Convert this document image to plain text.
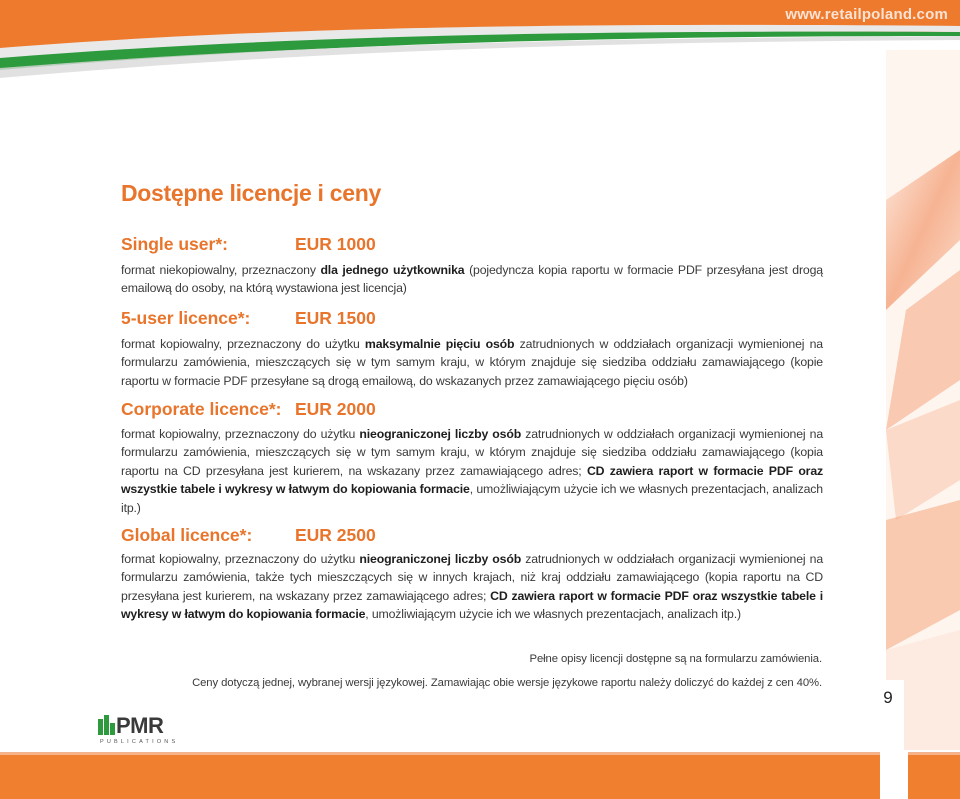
www.retailpoland.com
Dostępne licencje i ceny
Single user*:	EUR 1000
format niekopiowalny, przeznaczony dla jednego użytkownika (pojedyncza kopia raportu w formacie PDF przesyłana jest drogą emailową do osoby, na którą wystawiona jest licencja)
5-user licence*:	EUR 1500
format kopiowalny, przeznaczony do użytku maksymalnie pięciu osób zatrudnionych w oddziałach organizacji wymienionej na formularzu zamówienia, mieszczących się w tym samym kraju, w którym znajduje się siedziba oddziału zamawiającego (kopie raportu w formacie PDF przesyłane są drogą emailową, do wskazanych przez zamawiającego pięciu osób)
Corporate licence*: EUR 2000
format kopiowalny, przeznaczony do użytku nieograniczonej liczby osób zatrudnionych w oddziałach organizacji wymienionej na formularzu zamówienia, mieszczących się w tym samym kraju, w którym znajduje się siedziba oddziału zamawiającego (kopia raportu na CD przesyłana jest kurierem, na wskazany przez zamawiającego adres; CD zawiera raport w formacie PDF oraz wszystkie tabele i wykresy w łatwym do kopiowania formacie, umożliwiającym użycie ich we własnych prezentacjach, analizach itp.)
Global licence*: EUR 2500
format kopiowalny, przeznaczony do użytku nieograniczonej liczby osób zatrudnionych w oddziałach organizacji wymienionej na formularzu zamówienia, także tych mieszczących się w innych krajach, niż kraj oddziału zamawiającego (kopia raportu na CD przesyłana jest kurierem, na wskazany przez zamawiającego adres; CD zawiera raport w formacie PDF oraz wszystkie tabele i wykresy w łatwym do kopiowania formacie, umożliwiającym użycie ich we własnych prezentacjach, analizach itp.)
Pełne opisy licencji dostępne są na formularzu zamówienia.
Ceny dotyczą jednej, wybranej wersji językowej. Zamawiając obie wersje językowe raportu należy doliczyć do każdej z cen 40%.
PMR
PUBLICATIONS
9
